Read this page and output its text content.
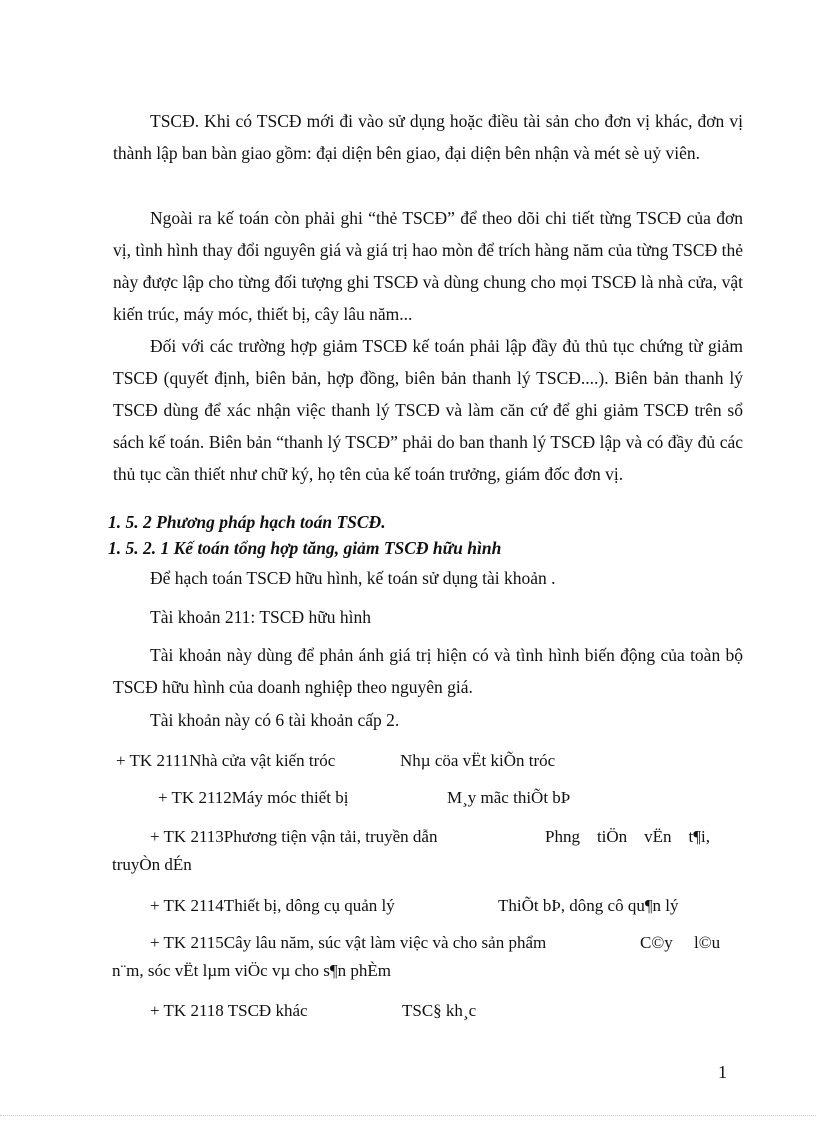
TSCĐ. Khi có TSCĐ mới đi vào sử dụng hoặc điều tài sản cho đơn vị khác, đơn vị thành lập ban bàn giao gồm: đại diện bên giao, đại diện bên nhận và mét sè uỷ viên.

Ngoài ra kế toán còn phải ghi “thẻ TSCĐ” để theo dõi chi tiết từng TSCĐ của đơn vị, tình hình thay đổi nguyên giá và giá trị hao mòn để trích hàng năm của từng TSCĐ thẻ này được lập cho từng đối tượng ghi TSCĐ và dùng chung cho mọi TSCĐ là nhà cửa, vật kiến trúc, máy móc, thiết bị, cây lâu năm...

Đối với các trường hợp giảm TSCĐ kế toán phải lập đầy đủ thủ tục chứng từ giảm TSCĐ (quyết định, biên bản, hợp đồng, biên bản thanh lý TSCĐ....). Biên bản thanh lý TSCĐ dùng để xác nhận việc thanh lý TSCĐ và làm căn cứ để ghi giảm TSCĐ trên sổ sách kế toán. Biên bản “thanh lý TSCĐ” phải do ban thanh lý TSCĐ lập và có đầy đủ các thủ tục cần thiết như chữ ký, họ tên của kế toán trưởng, giám đốc đơn vị.

1. 5. 2 Phương pháp hạch toán TSCĐ.
1. 5. 2. 1 Kế toán tổng hợp tăng, giảm TSCĐ hữu hình
Để hạch toán TSCĐ hữu hình, kế toán sử dụng tài khoản .
Tài khoản 211: TSCĐ hữu hình

Tài khoản này dùng để phản ánh giá trị hiện có và tình hình biến động của toàn bộ TSCĐ hữu hình của doanh nghiệp theo nguyên giá.

Tài khoản này có 6 tài khoản cấp 2.
+ TK 2111Nhà cửa vật kiến tróc	Nhµ cöa vËt kiÕn tróc
+ TK 2112Máy móc thiết bị	M¸y mãc thiÕt bÞ
+ TK 2113Phương tiện vận tải, truyền dẫn	Phng    tiÖn    vËn    t¶i,
truyÒn dÉn
+ TK 2114Thiết bị, dông cụ quản lý	ThiÕt bÞ, dông cô qu¶n lý
+ TK 2115Cây lâu năm, súc vật làm việc và cho sản phẩm	C©y     l©u
n¨m, sóc vËt lµm viÖc vµ cho s¶n phÈm
+ TK 2118 TSCĐ khác	TSC§ kh¸c
1
